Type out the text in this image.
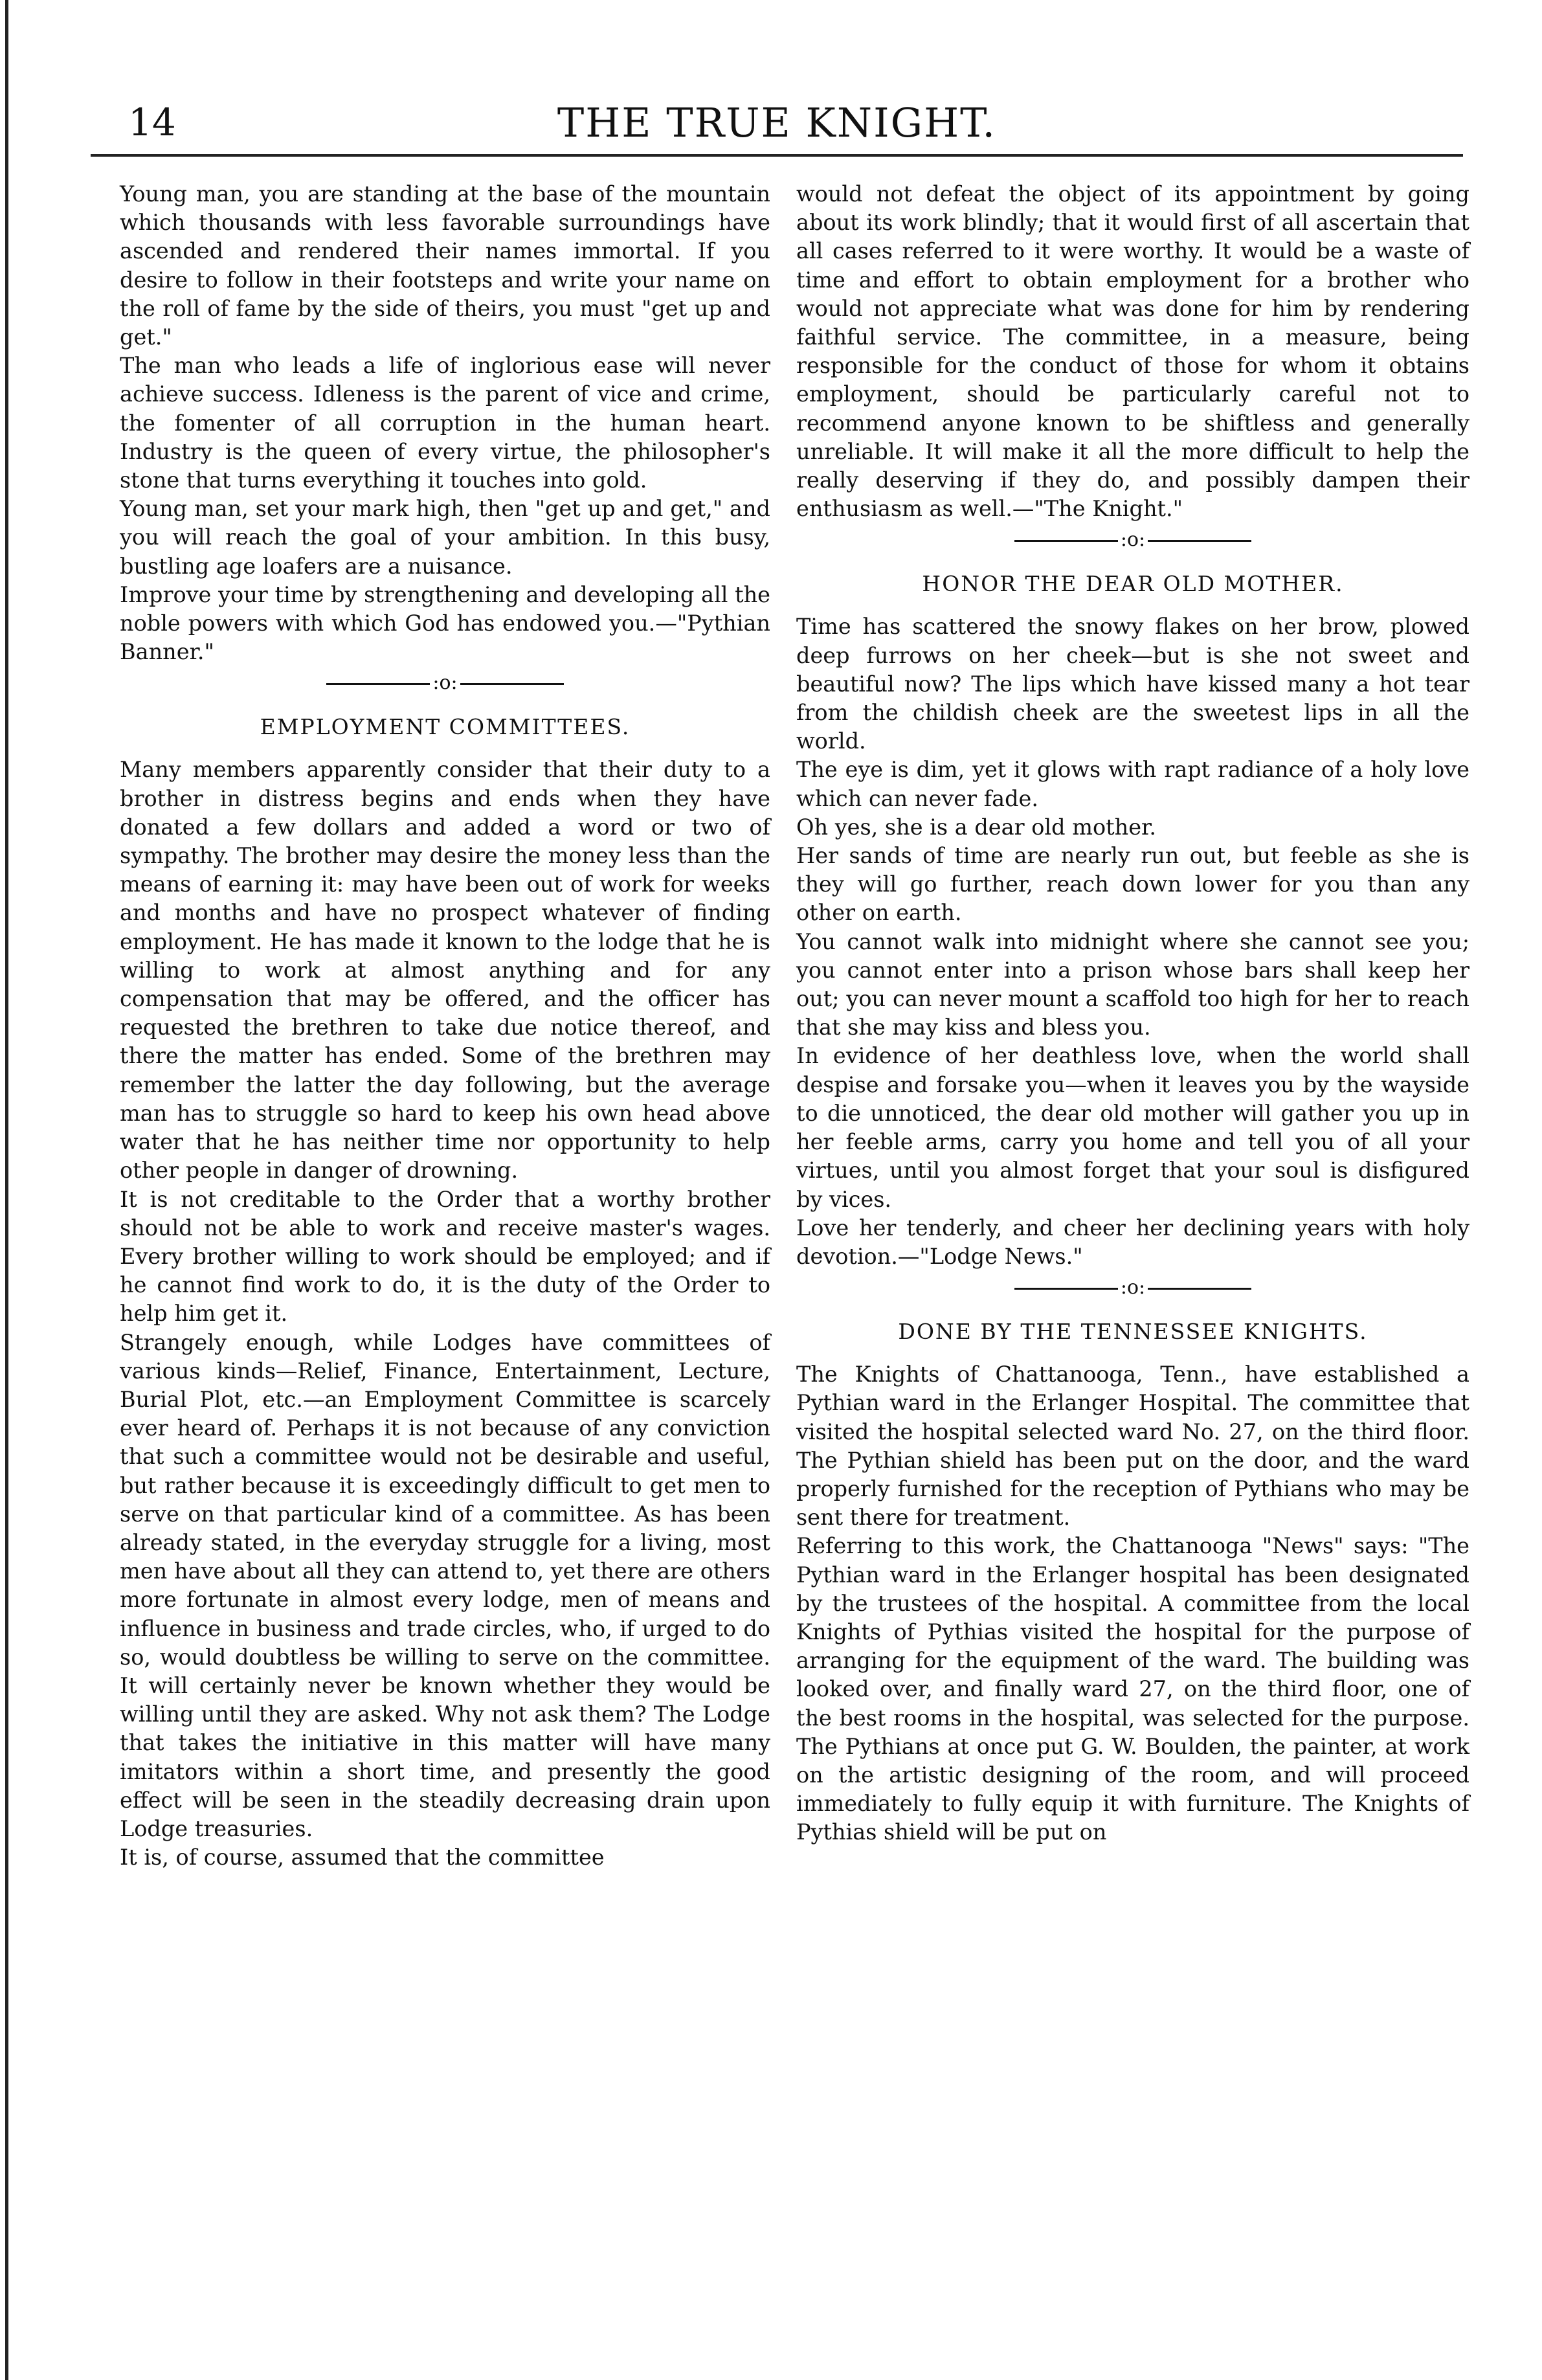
14	THE TRUE KNIGHT.

Young man, you are standing at the base of the mountain which thousands with less favorable surroundings have ascended and rendered their names immortal. If you desire to follow in their footsteps and write your name on the roll of fame by the side of theirs, you must "get up and get."

The man who leads a life of inglorious ease will never achieve success. Idleness is the parent of vice and crime, the fomenter of all corruption in the human heart. Industry is the queen of every virtue, the philosopher's stone that turns everything it touches into gold.

Young man, set your mark high, then "get up and get," and you will reach the goal of your ambition. In this busy, bustling age loafers are a nuisance.

Improve your time by strengthening and developing all the noble powers with which God has endowed you.—"Pythian Banner."

:o:
EMPLOYMENT COMMITTEES.

Many members apparently consider that their duty to a brother in distress begins and ends when they have donated a few dollars and added a word or two of sympathy. The brother may desire the money less than the means of earning it: may have been out of work for weeks and months and have no prospect whatever of finding employment. He has made it known to the lodge that he is willing to work at almost anything and for any compensation that may be offered, and the officer has requested the brethren to take due notice thereof, and there the matter has ended. Some of the brethren may remember the latter the day following, but the average man has to struggle so hard to keep his own head above water that he has neither time nor opportunity to help other people in danger of drowning.

It is not creditable to the Order that a worthy brother should not be able to work and receive master's wages. Every brother willing to work should be employed; and if he cannot find work to do, it is the duty of the Order to help him get it.

Strangely enough, while Lodges have committees of various kinds—Relief, Finance, Entertainment, Lecture, Burial Plot, etc.—an Employment Committee is scarcely ever heard of. Perhaps it is not because of any conviction that such a committee would not be desirable and useful, but rather because it is exceedingly difficult to get men to serve on that particular kind of a committee. As has been already stated, in the everyday struggle for a living, most men have about all they can attend to, yet there are others more fortunate in almost every lodge, men of means and influence in business and trade circles, who, if urged to do so, would doubtless be willing to serve on the committee. It will certainly never be known whether they would be willing until they are asked. Why not ask them? The Lodge that takes the initiative in this matter will have many imitators within a short time, and presently the good effect will be seen in the steadily decreasing drain upon Lodge treasuries.

It is, of course, assumed that the committee

would not defeat the object of its appointment by going about its work blindly; that it would first of all ascertain that all cases referred to it were worthy. It would be a waste of time and effort to obtain employment for a brother who would not appreciate what was done for him by rendering faithful service. The committee, in a measure, being responsible for the conduct of those for whom it obtains employment, should be particularly careful not to recommend anyone known to be shiftless and generally unreliable. It will make it all the more difficult to help the really deserving if they do, and possibly dampen their enthusiasm as well.—"The Knight."

:o:
HONOR THE DEAR OLD MOTHER.

Time has scattered the snowy flakes on her brow, plowed deep furrows on her cheek—but is she not sweet and beautiful now? The lips which have kissed many a hot tear from the childish cheek are the sweetest lips in all the world.

The eye is dim, yet it glows with rapt radiance of a holy love which can never fade.

Oh yes, she is a dear old mother.

Her sands of time are nearly run out, but feeble as she is they will go further, reach down lower for you than any other on earth.

You cannot walk into midnight where she cannot see you; you cannot enter into a prison whose bars shall keep her out; you can never mount a scaffold too high for her to reach that she may kiss and bless you.

In evidence of her deathless love, when the world shall despise and forsake you—when it leaves you by the wayside to die unnoticed, the dear old mother will gather you up in her feeble arms, carry you home and tell you of all your virtues, until you almost forget that your soul is disfigured by vices.

Love her tenderly, and cheer her declining years with holy devotion.—"Lodge News."

:o:
DONE BY THE TENNESSEE KNIGHTS.

The Knights of Chattanooga, Tenn., have established a Pythian ward in the Erlanger Hospital. The committee that visited the hospital selected ward No. 27, on the third floor. The Pythian shield has been put on the door, and the ward properly furnished for the reception of Pythians who may be sent there for treatment.

Referring to this work, the Chattanooga "News" says: "The Pythian ward in the Erlanger hospital has been designated by the trustees of the hospital. A committee from the local Knights of Pythias visited the hospital for the purpose of arranging for the equipment of the ward. The building was looked over, and finally ward 27, on the third floor, one of the best rooms in the hospital, was selected for the purpose. The Pythians at once put G. W. Boulden, the painter, at work on the artistic designing of the room, and will proceed immediately to fully equip it with furniture. The Knights of Pythias shield will be put on
